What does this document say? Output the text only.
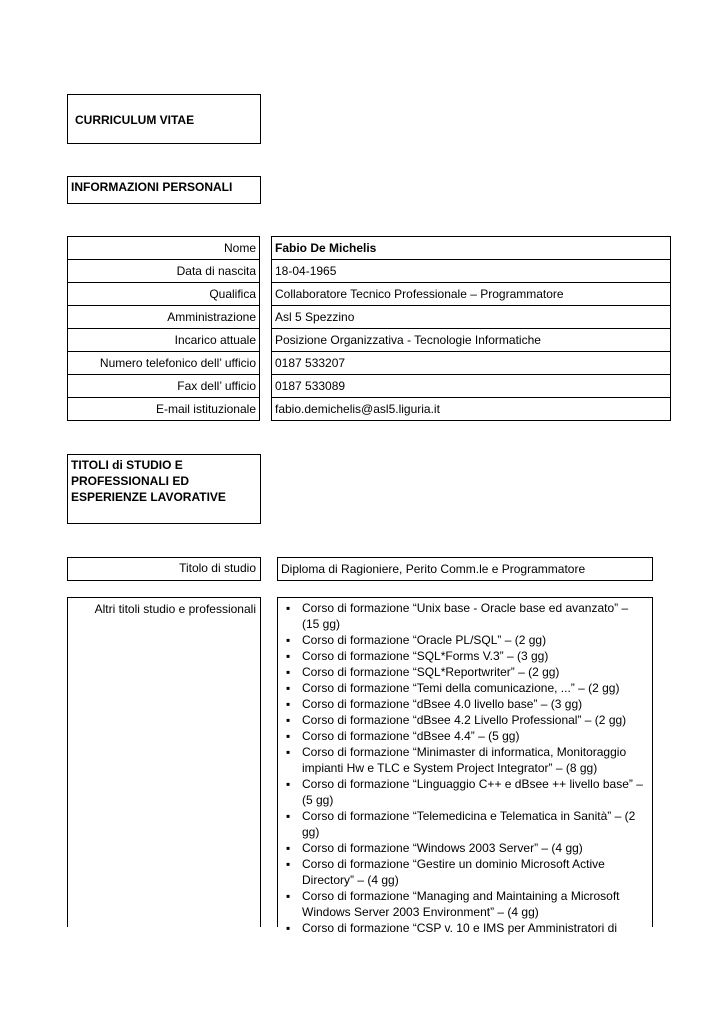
CURRICULUM VITAE
INFORMAZIONI PERSONALI
Nome		Fabio De Michelis
Data di nascita		18-04-1965
Qualifica		Collaboratore Tecnico Professionale – Programmatore
Amministrazione		Asl 5 Spezzino
Incarico attuale		Posizione Organizzativa - Tecnologie Informatiche
Numero telefonico dell’ ufficio		0187 533207
Fax dell’ ufficio		0187 533089
E-mail istituzionale		fabio.demichelis@asl5.liguria.it
TITOLI di STUDIO E PROFESSIONALI ED ESPERIENZE LAVORATIVE
Titolo di studio	Diploma di Ragioniere, Perito Comm.le e Programmatore
Altri titoli studio e professionali	▪ Corso di formazione “Unix base - Oracle base ed avanzato” – (15 gg)
▪ Corso di formazione “Oracle PL/SQL” – (2 gg)
▪ Corso di formazione “SQL*Forms V.3” – (3 gg)
▪ Corso di formazione “SQL*Reportwriter” – (2 gg)
▪ Corso di formazione “Temi della comunicazione, ...” – (2 gg)
▪ Corso di formazione “dBsee 4.0 livello base” – (3 gg)
▪ Corso di formazione “dBsee 4.2 Livello Professional” – (2 gg)
▪ Corso di formazione “dBsee 4.4” – (5 gg)
▪ Corso di formazione “Minimaster di informatica, Monitoraggio impianti Hw e TLC e System Project Integrator” – (8 gg)
▪ Corso di formazione “Linguaggio C++ e dBsee ++ livello base” – (5 gg)
▪ Corso di formazione “Telemedicina e Telematica in Sanità” – (2 gg)
▪ Corso di formazione “Windows 2003 Server” – (4 gg)
▪ Corso di formazione “Gestire un dominio Microsoft Active Directory” – (4 gg)
▪ Corso di formazione “Managing and Maintaining a Microsoft Windows Server 2003 Environment” – (4 gg)
▪ Corso di formazione “CSP v. 10 e IMS per Amministratori di
